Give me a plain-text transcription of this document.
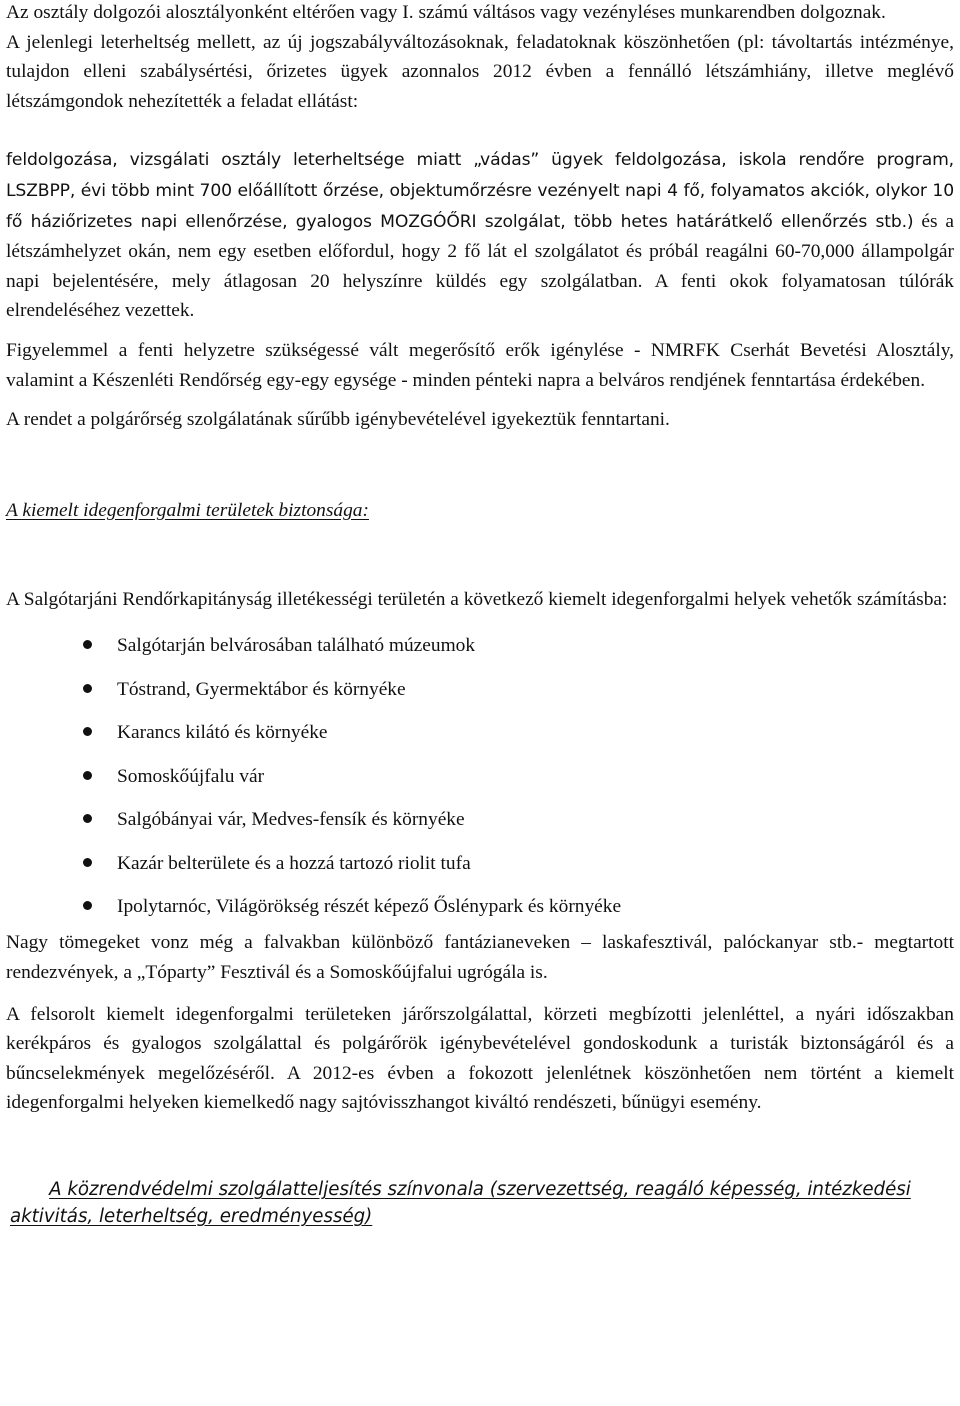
Az osztály dolgozói alosztályonként eltérően vagy I. számú váltásos vagy vezényléses munkarendben dolgoznak.

A jelenlegi leterheltség mellett, az új jogszabályváltozásoknak, feladatoknak köszönhetően (pl: távoltartás intézménye, tulajdon elleni szabálysértési, őrizetes ügyek azonnalos 2012 évben a fennálló létszámhiány, illetve meglévő létszámgondok nehezítették a feladat ellátást:

feldolgozása, vizsgálati osztály leterheltsége miatt „vádas” ügyek feldolgozása, iskola rendőre program, LSZBPP, évi több mint 700 előállított őrzése, objektumőrzésre vezényelt napi 4 fő, folyamatos akciók, olykor 10 fő háziőrizetes napi ellenőrzése, gyalogos MOZGÓŐRI szolgálat, több hetes határátkelő ellenőrzés stb.) és a létszámhelyzet okán, nem egy esetben előfordul, hogy 2 fő lát el szolgálatot és próbál reagálni 60-70,000 állampolgár napi bejelentésére, mely átlagosan 20 helyszínre küldés egy szolgálatban. A fenti okok folyamatosan túlórák elrendeléséhez vezettek.

Figyelemmel a fenti helyzetre szükségessé vált megerősítő erők igénylése - NMRFK Cserhát Bevetési Alosztály, valamint a Készenléti Rendőrség egy-egy egysége - minden pénteki napra a belváros rendjének fenntartása érdekében.

A rendet a polgárőrség szolgálatának sűrűbb igénybevételével igyekeztük fenntartani.

A kiemelt idegenforgalmi területek biztonsága:

A Salgótarjáni Rendőrkapitányság illetékességi területén a következő kiemelt idegenforgalmi helyek vehetők számításba:

Salgótarján belvárosában található múzeumok
Tóstrand, Gyermektábor és környéke
Karancs kilátó és környéke
Somoskőújfalu vár
Salgóbányai vár, Medves-fensík és környéke
Kazár belterülete és a hozzá tartozó riolit tufa
Ipolytarnóc, Világörökség részét képező Őslénypark és környéke

Nagy tömegeket vonz még a falvakban különböző fantázianeveken – laskafesztivál, palóckanyar stb.- megtartott rendezvények, a „Tóparty” Fesztivál és a Somoskőújfalui ugrógála is.

A felsorolt kiemelt idegenforgalmi területeken járőrszolgálattal, körzeti megbízotti jelenléttel, a nyári időszakban kerékpáros és gyalogos szolgálattal és polgárőrök igénybevételével gondoskodunk a turisták biztonságáról és a bűncselekmények megelőzéséről. A 2012-es évben a fokozott jelenlétnek köszönhetően nem történt a kiemelt idegenforgalmi helyeken kiemelkedő nagy sajtóvisszhangot kiváltó rendészeti, bűnügyi esemény.

A közrendvédelmi szolgálatteljesítés színvonala (szervezettség, reagáló képesség, intézkedési aktivitás, leterheltség, eredményesség)
